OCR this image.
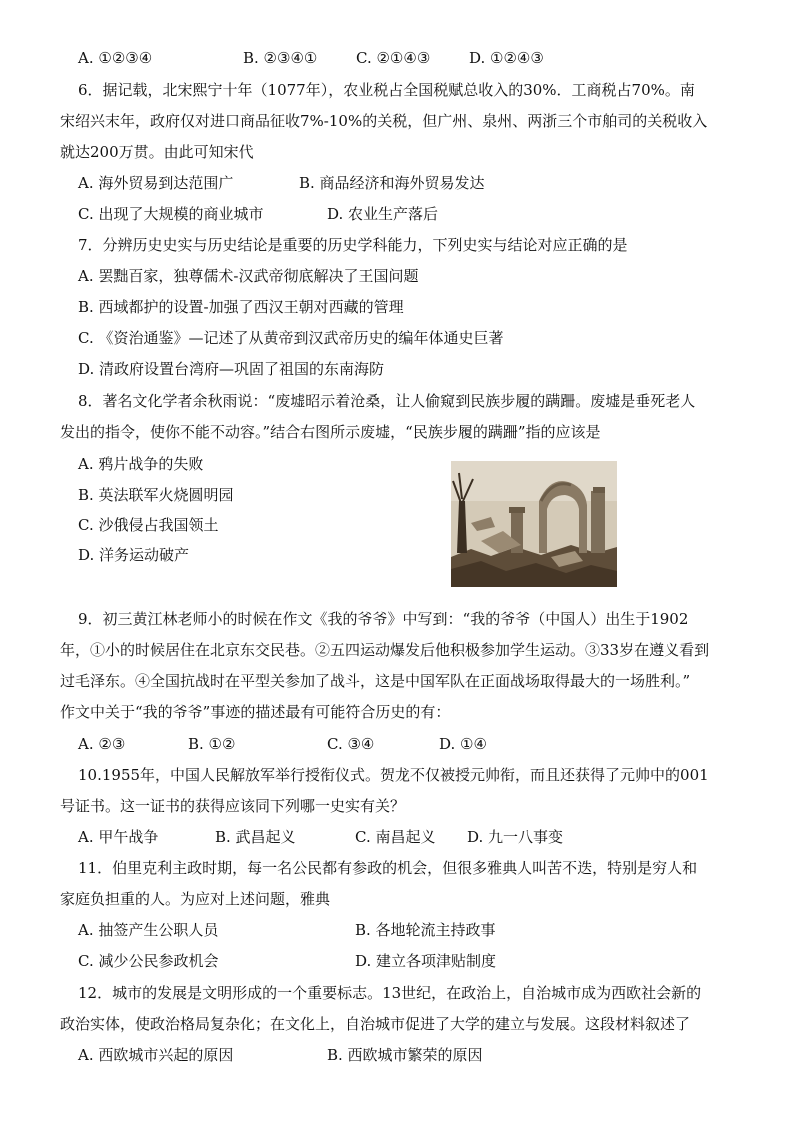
A. ①②③④	B. ②③④①	C. ②①④③	D. ①②④③
6．据记载，北宋熙宁十年（1077年），农业税占全国税赋总收入的30%．工商税占70%。南
宋绍兴末年，政府仅对进口商品征收7%-10%的关税，但广州、泉州、两浙三个市舶司的关税收入
就达200万贯。由此可知宋代
A. 海外贸易到达范围广	B. 商品经济和海外贸易发达
C. 出现了大规模的商业城市	D. 农业生产落后
7．分辨历史史实与历史结论是重要的历史学科能力，下列史实与结论对应正确的是
A. 罢黜百家，独尊儒术-汉武帝彻底解决了王国问题
B. 西域都护的设置-加强了西汉王朝对西藏的管理
C. 《资治通鉴》—记述了从黄帝到汉武帝历史的编年体通史巨著
D. 清政府设置台湾府—巩固了祖国的东南海防
8．著名文化学者余秋雨说：“废墟昭示着沧桑，让人偷窥到民族步履的蹒跚。废墟是垂死老人
发出的指令，使你不能不动容。”结合右图所示废墟，“民族步履的蹒跚”指的应该是
A. 鸦片战争的失败
B. 英法联军火烧圆明园
C. 沙俄侵占我国领土
D. 洋务运动破产
9．初三黄江林老师小的时候在作文《我的爷爷》中写到：“我的爷爷（中国人）出生于1902
年，①小的时候居住在北京东交民巷。②五四运动爆发后他积极参加学生运动。③33岁在遵义看到
过毛泽东。④全国抗战时在平型关参加了战斗，这是中国军队在正面战场取得最大的一场胜利。”
作文中关于“我的爷爷”事迹的描述最有可能符合历史的有：
A. ②③	B. ①②	C. ③④	D. ①④
10.1955年，中国人民解放军举行授衔仪式。贺龙不仅被授元帅衔，而且还获得了元帅中的001
号证书。这一证书的获得应该同下列哪一史实有关？
A. 甲午战争	B. 武昌起义	C. 南昌起义 D. 九一八事变
11．伯里克利主政时期，每一名公民都有参政的机会，但很多雅典人叫苦不迭，特别是穷人和
家庭负担重的人。为应对上述问题，雅典
A. 抽签产生公职人员	B. 各地轮流主持政事
C. 减少公民参政机会	D. 建立各项津贴制度
12．城市的发展是文明形成的一个重要标志。13世纪，在政治上，自治城市成为西欧社会新的
政治实体，使政治格局复杂化；在文化上，自治城市促进了大学的建立与发展。这段材料叙述了
A. 西欧城市兴起的原因	B. 西欧城市繁荣的原因
